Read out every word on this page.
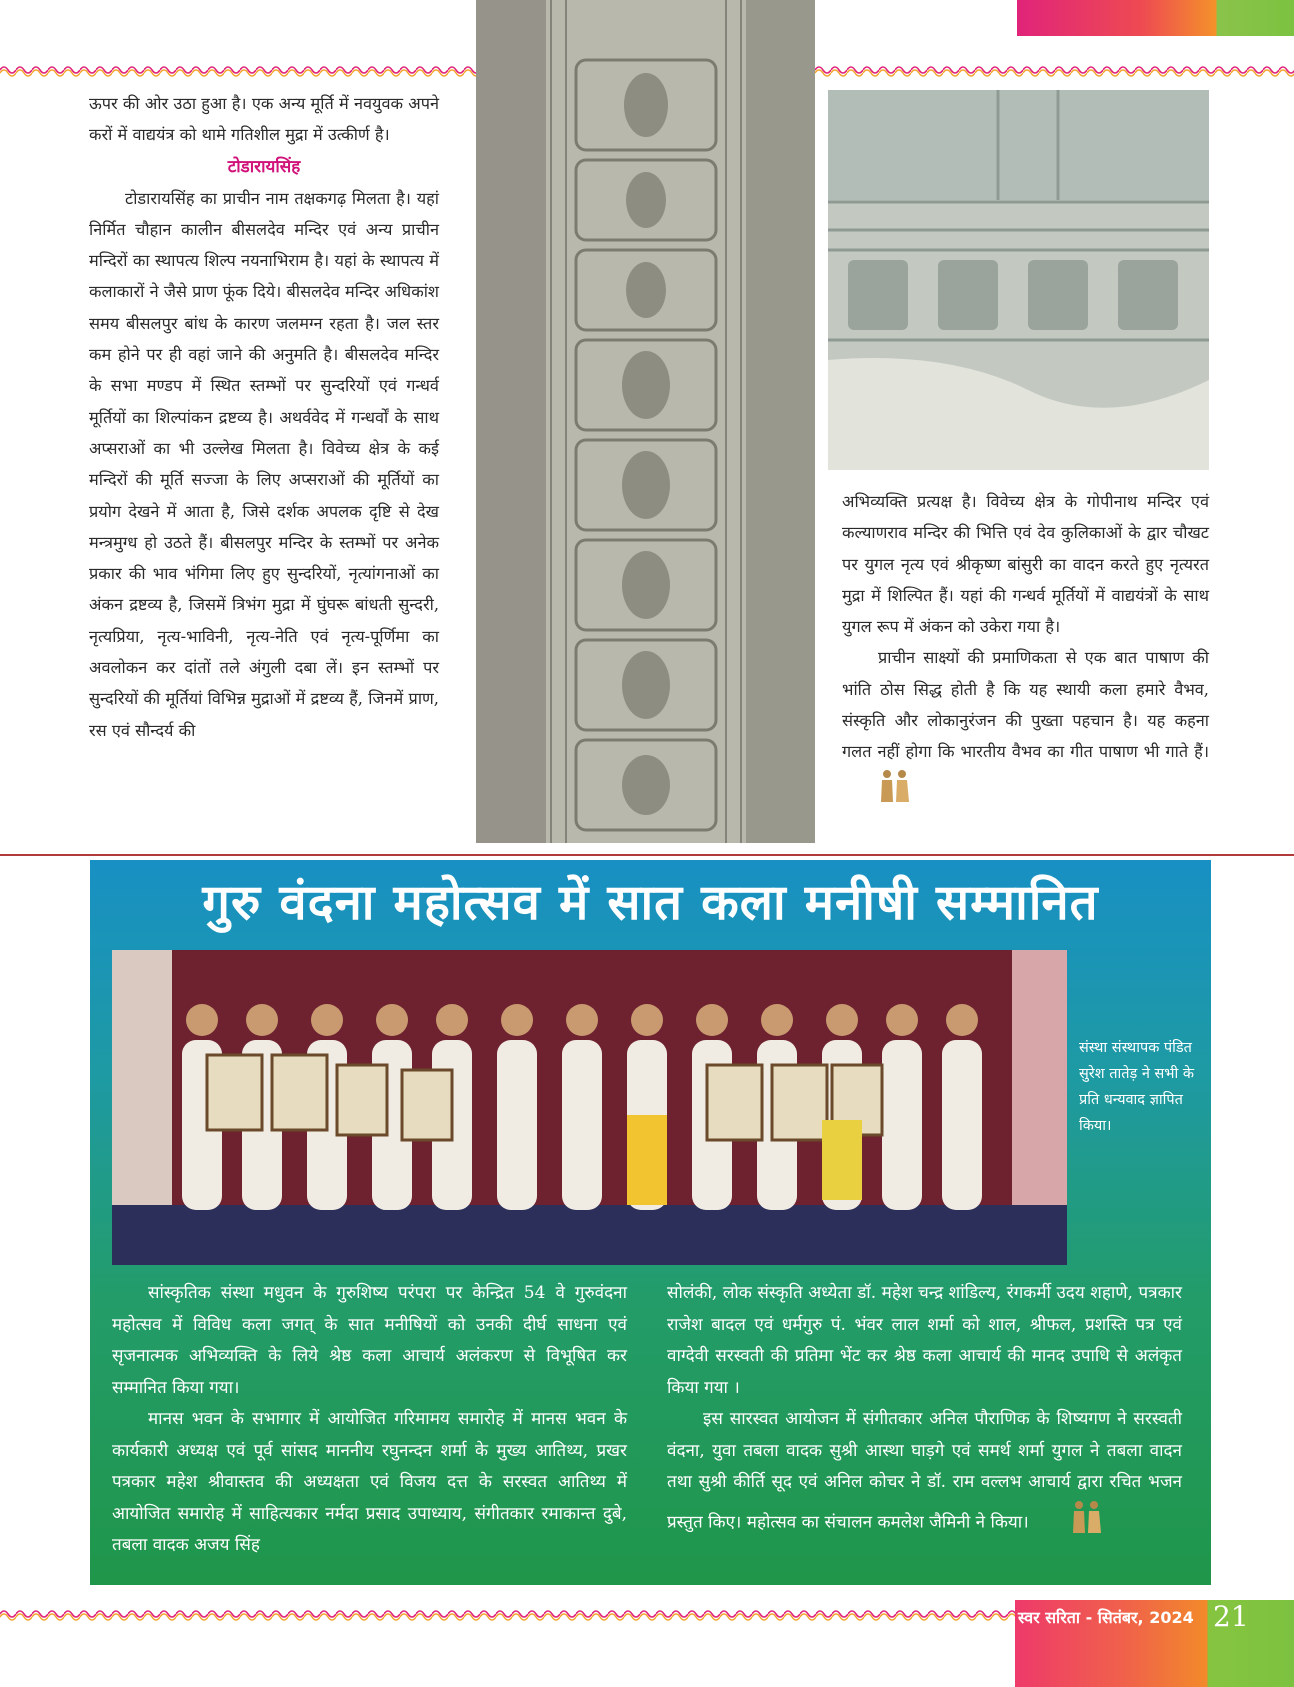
ऊपर की ओर उठा हुआ है। एक अन्य मूर्ति में नवयुवक अपने करों में वाद्ययंत्र को थामे गतिशील मुद्रा में उत्कीर्ण है।

टोडारायसिंह

टोडारायसिंह का प्राचीन नाम तक्षकगढ़ मिलता है। यहां निर्मित चौहान कालीन बीसलदेव मन्दिर एवं अन्य प्राचीन मन्दिरों का स्थापत्य शिल्प नयनाभिराम है। यहां के स्थापत्य में कलाकारों ने जैसे प्राण फूंक दिये। बीसलदेव मन्दिर अधिकांश समय बीसलपुर बांध के कारण जलमग्न रहता है। जल स्तर कम होने पर ही वहां जाने की अनुमति है। बीसलदेव मन्दिर के सभा मण्डप में स्थित स्तम्भों पर सुन्दरियों एवं गन्धर्व मूर्तियों का शिल्पांकन द्रष्टव्य है। अथर्ववेद में गन्धर्वों के साथ अप्सराओं का भी उल्लेख मिलता है। विवेच्य क्षेत्र के कई मन्दिरों की मूर्ति सज्जा के लिए अप्सराओं की मूर्तियों का प्रयोग देखने में आता है, जिसे दर्शक अपलक दृष्टि से देख मन्त्रमुग्ध हो उठते हैं। बीसलपुर मन्दिर के स्तम्भों पर अनेक प्रकार की भाव भंगिमा लिए हुए सुन्दरियों, नृत्यांगनाओं का अंकन द्रष्टव्य है, जिसमें त्रिभंग मुद्रा में घुंघरू बांधती सुन्दरी, नृत्यप्रिया, नृत्य-भाविनी, नृत्य-नेति एवं नृत्य-पूर्णिमा का अवलोकन कर दांतों तले अंगुली दबा लें। इन स्तम्भों पर सुन्दरियों की मूर्तियां विभिन्न मुद्राओं में द्रष्टव्य हैं, जिनमें प्राण, रस एवं सौन्दर्य की

अभिव्यक्ति प्रत्यक्ष है। विवेच्य क्षेत्र के गोपीनाथ मन्दिर एवं कल्याणराव मन्दिर की भित्ति एवं देव कुलिकाओं के द्वार चौखट पर युगल नृत्य एवं श्रीकृष्ण बांसुरी का वादन करते हुए नृत्यरत मुद्रा में शिल्पित हैं। यहां की गन्धर्व मूर्तियों में वाद्ययंत्रों के साथ युगल रूप में अंकन को उकेरा गया है।

प्राचीन साक्ष्यों की प्रमाणिकता से एक बात पाषाण की भांति ठोस सिद्ध होती है कि यह स्थायी कला हमारे वैभव, संस्कृति और लोकानुरंजन की पुख्ता पहचान है। यह कहना गलत नहीं होगा कि भारतीय वैभव का गीत पाषाण भी गाते हैं।

गुरु वंदना महोत्सव में सात कला मनीषी सम्मानित
संस्था संस्थापक पंडित सुरेश तातेड़ ने सभी के प्रति धन्यवाद ज्ञापित किया।

सांस्कृतिक संस्था मधुवन के गुरुशिष्य परंपरा पर केन्द्रित 54 वे गुरुवंदना महोत्सव में विविध कला जगत् के सात मनीषियों को उनकी दीर्घ साधना एवं सृजनात्मक अभिव्यक्ति के लिये श्रेष्ठ कला आचार्य अलंकरण से विभूषित कर सम्मानित किया गया।

मानस भवन के सभागार में आयोजित गरिमामय समारोह में मानस भवन के कार्यकारी अध्यक्ष एवं पूर्व सांसद माननीय रघुनन्दन शर्मा के मुख्य आतिथ्य, प्रखर पत्रकार महेश श्रीवास्तव की अध्यक्षता एवं विजय दत्त के सरस्वत आतिथ्य में आयोजित समारोह में साहित्यकार नर्मदा प्रसाद उपाध्याय, संगीतकार रमाकान्त दुबे, तबला वादक अजय सिंह

सोलंकी, लोक संस्कृति अध्येता डॉ. महेश चन्द्र शांडिल्य, रंगकर्मी उदय शहाणे, पत्रकार राजेश बादल एवं धर्मगुरु पं. भंवर लाल शर्मा को शाल, श्रीफल, प्रशस्ति पत्र एवं वाग्देवी सरस्वती की प्रतिमा भेंट कर श्रेष्ठ कला आचार्य की मानद उपाधि से अलंकृत किया गया ।

इस सारस्वत आयोजन में संगीतकार अनिल पौराणिक के शिष्यगण ने सरस्वती वंदना, युवा तबला वादक सुश्री आस्था घाड़गे एवं समर्थ शर्मा युगल ने तबला वादन तथा सुश्री कीर्ति सूद एवं अनिल कोचर ने डॉ. राम वल्लभ आचार्य द्वारा रचित भजन प्रस्तुत किए। महोत्सव का संचालन कमलेश जैमिनी ने किया।

स्वर सरिता - सितंबर, 2024 21
